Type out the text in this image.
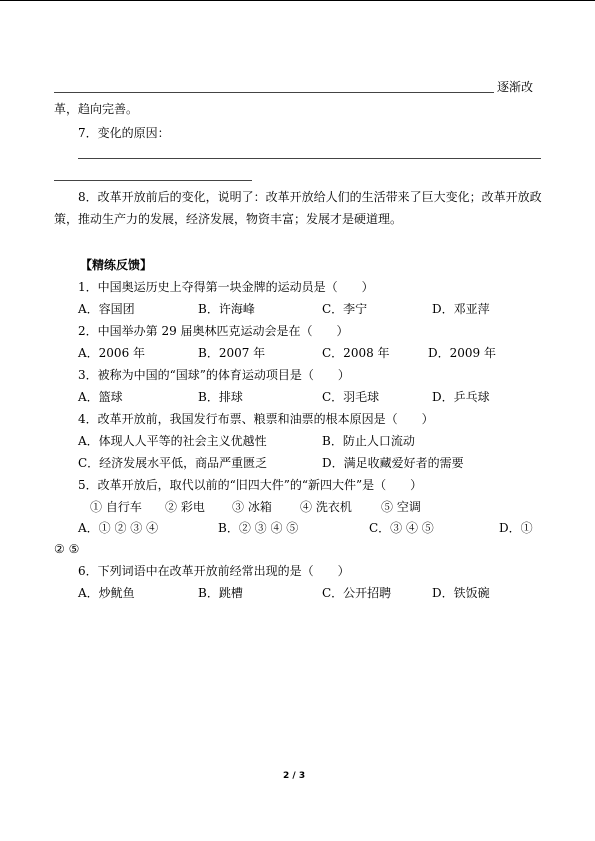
逐渐改
革，趋向完善。
7．变化的原因：
8．改革开放前后的变化，说明了：改革开放给人们的生活带来了巨大变化；改革开放政
策，推动生产力的发展，经济发展，物资丰富；发展才是硬道理。
【精练反馈】
1．中国奥运历史上夺得第一块金牌的运动员是（　　）
A．容国团	B．许海峰	C．李宁	D．邓亚萍
2．中国举办第 29 届奥林匹克运动会是在（　　）
A．2006 年	B．2007 年	C．2008 年	D．2009 年
3．被称为中国的“国球”的体育运动项目是（　　）
A．篮球	B．排球	C．羽毛球	D．乒乓球
4．改革开放前，我国发行布票、粮票和油票的根本原因是（　　）
A．体现人人平等的社会主义优越性	B．防止人口流动
C．经济发展水平低，商品严重匮乏	D．满足收藏爱好者的需要
5．改革开放后，取代以前的“旧四大件”的“新四大件”是（　　）
① 自行车 ② 彩电 ③ 冰箱 ④ 洗衣机 ⑤ 空调
A．① ② ③ ④	B．② ③ ④ ⑤	C．③ ④ ⑤	D．①
② ⑤
6．下列词语中在改革开放前经常出现的是（　　）
A．炒鱿鱼	B．跳槽	C．公开招聘	D．铁饭碗
2 / 3
